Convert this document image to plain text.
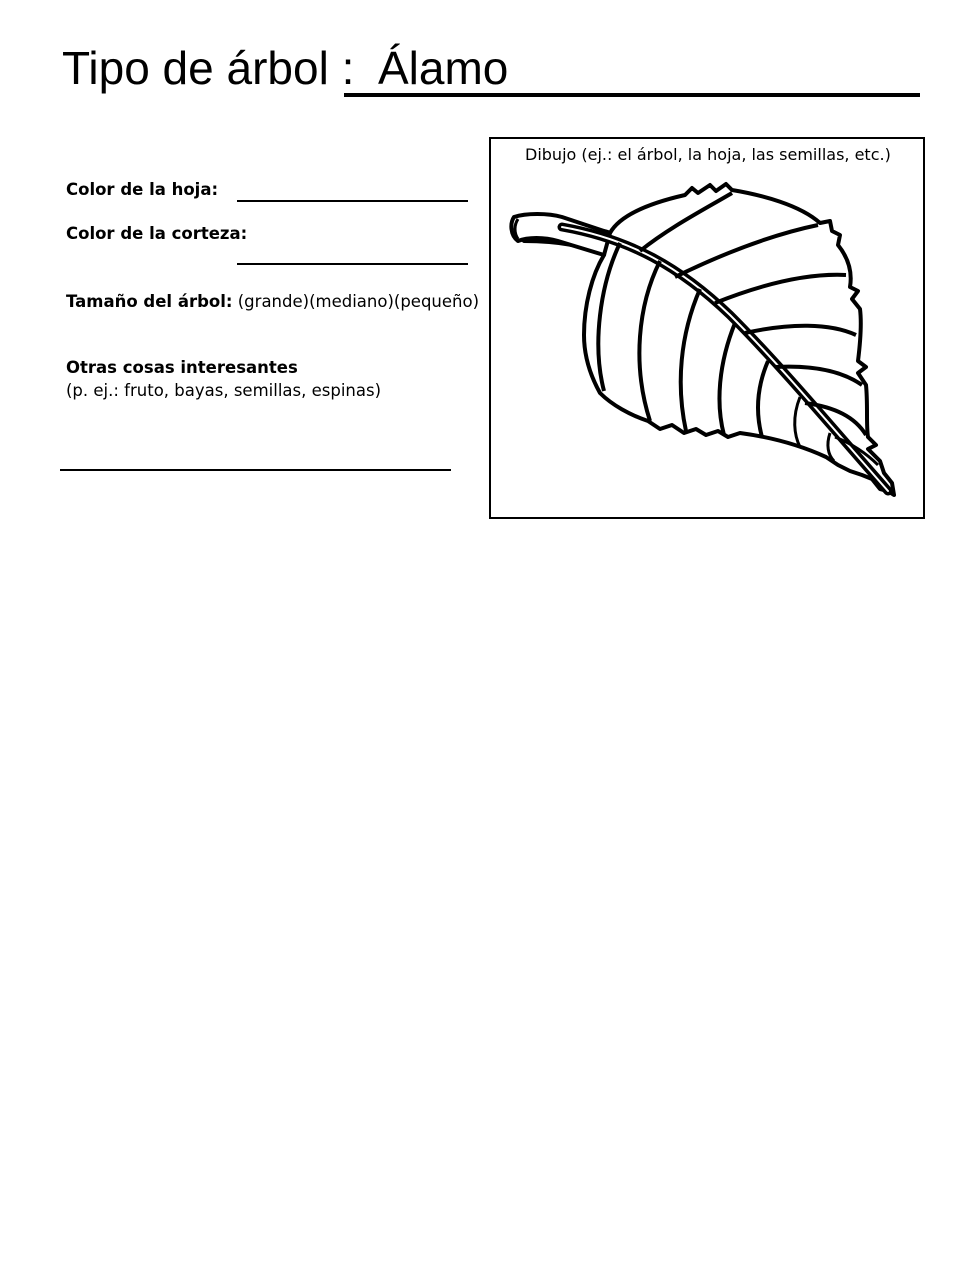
Tipo de árbol : Álamo
Color de la hoja:
Color de la corteza:
Tamaño del árbol: (grande)(mediano)(pequeño)
Otras cosas interesantes
(p. ej.: fruto, bayas, semillas, espinas)
Dibujo (ej.: el árbol, la hoja, las semillas, etc.)
